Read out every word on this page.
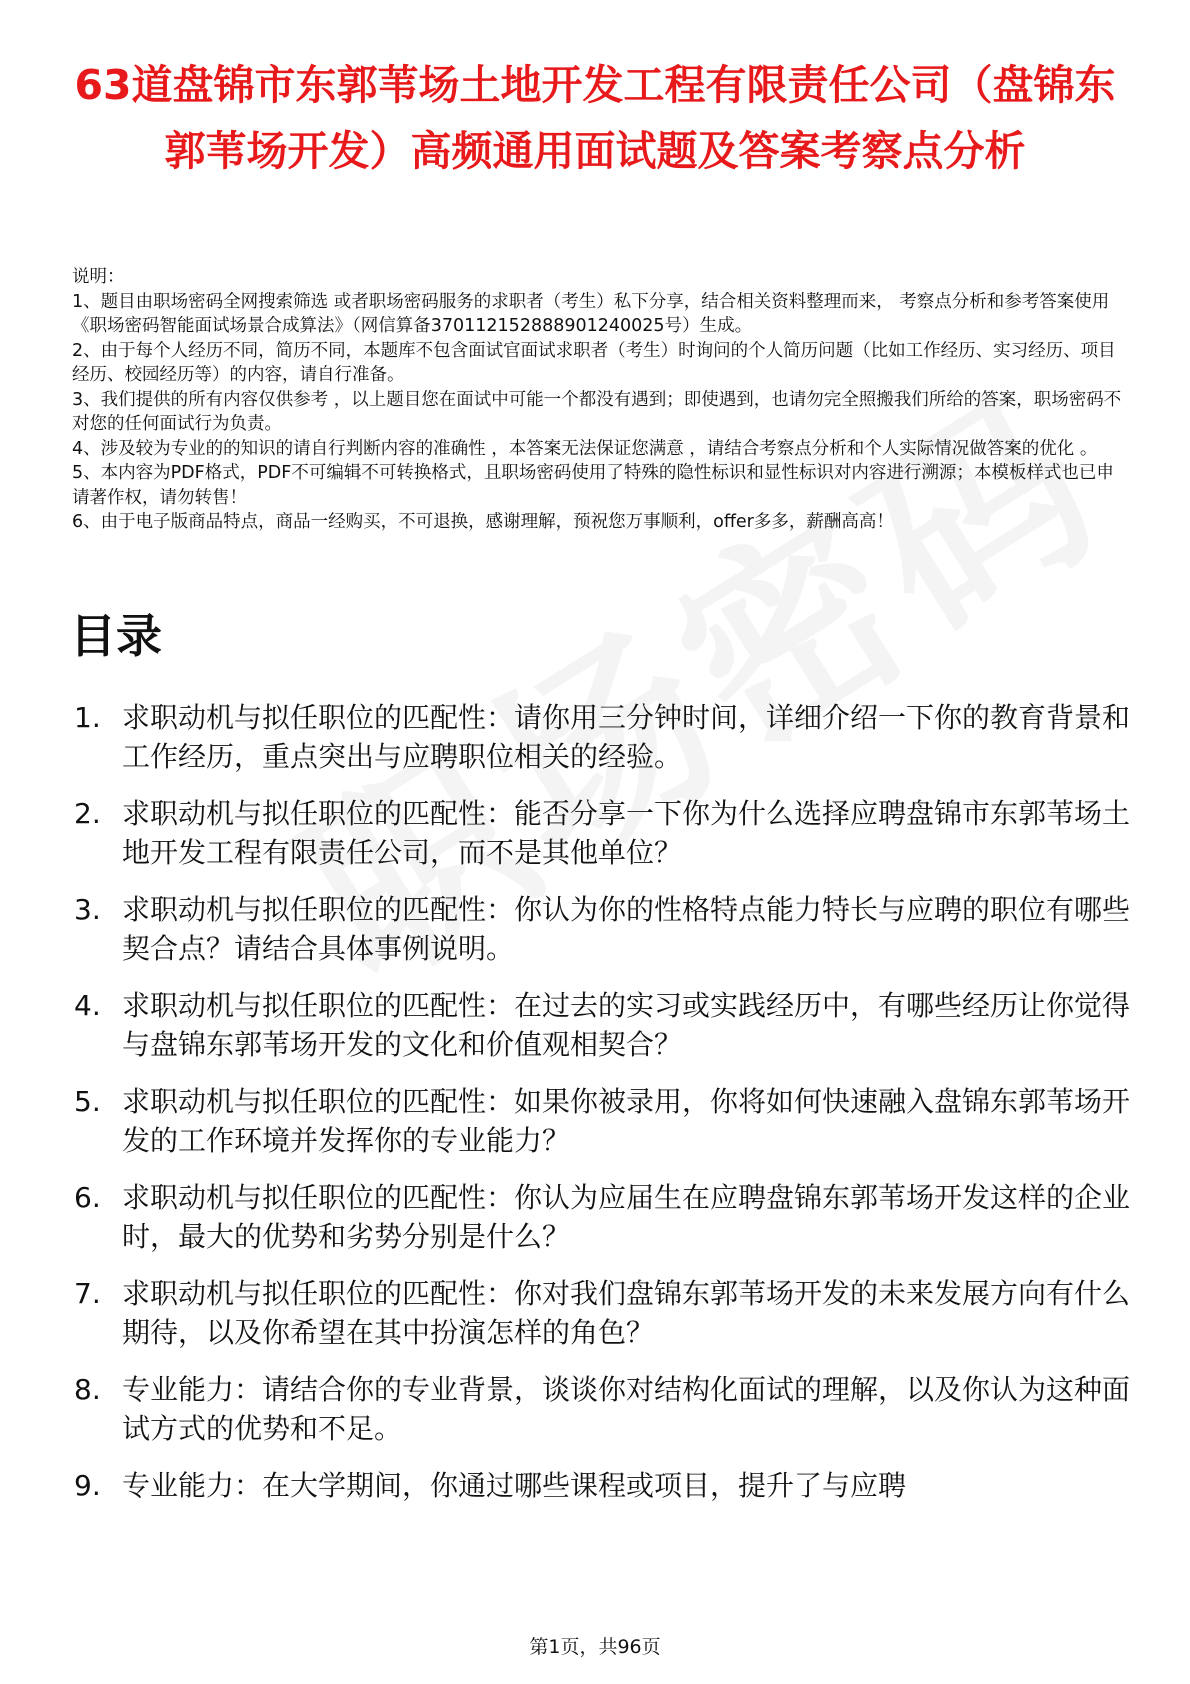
63道盘锦市东郭苇场土地开发工程有限责任公司（盘锦东郭苇场开发）高频通用面试题及答案考察点分析
说明：
1、题目由职场密码全网搜索筛选 或者职场密码服务的求职者（考生）私下分享，结合相关资料整理而来， 考察点分析和参考答案使用《职场密码智能面试场景合成算法》（网信算备370112152888901240025号）生成。
2、由于每个人经历不同，简历不同，本题库不包含面试官面试求职者（考生）时询问的个人简历问题（比如工作经历、实习经历、项目经历、校园经历等）的内容，请自行准备。
3、我们提供的所有内容仅供参考 ，以上题目您在面试中可能一个都没有遇到；即使遇到，也请勿完全照搬我们所给的答案，职场密码不对您的任何面试行为负责。
4、涉及较为专业的的知识的请自行判断内容的准确性 ，本答案无法保证您满意 ，请结合考察点分析和个人实际情况做答案的优化 。
5、本内容为PDF格式，PDF不可编辑不可转换格式，且职场密码使用了特殊的隐性标识和显性标识对内容进行溯源；本模板样式也已申请著作权，请勿转售！
6、由于电子版商品特点，商品一经购买，不可退换，感谢理解，预祝您万事顺利，offer多多，薪酬高高！
目录
1. 求职动机与拟任职位的匹配性：请你用三分钟时间，详细介绍一下你的教育背景和工作经历，重点突出与应聘职位相关的经验。
2. 求职动机与拟任职位的匹配性：能否分享一下你为什么选择应聘盘锦市东郭苇场土地开发工程有限责任公司，而不是其他单位？
3. 求职动机与拟任职位的匹配性：你认为你的性格特点能力特长与应聘的职位有哪些契合点？请结合具体事例说明。
4. 求职动机与拟任职位的匹配性：在过去的实习或实践经历中，有哪些经历让你觉得与盘锦东郭苇场开发的文化和价值观相契合？
5. 求职动机与拟任职位的匹配性：如果你被录用，你将如何快速融入盘锦东郭苇场开发的工作环境并发挥你的专业能力？
6. 求职动机与拟任职位的匹配性：你认为应届生在应聘盘锦东郭苇场开发这样的企业时，最大的优势和劣势分别是什么？
7. 求职动机与拟任职位的匹配性：你对我们盘锦东郭苇场开发的未来发展方向有什么期待，以及你希望在其中扮演怎样的角色？
8. 专业能力：请结合你的专业背景，谈谈你对结构化面试的理解，以及你认为这种面试方式的优势和不足。
9. 专业能力：在大学期间，你通过哪些课程或项目，提升了与应聘
第1页，共96页
